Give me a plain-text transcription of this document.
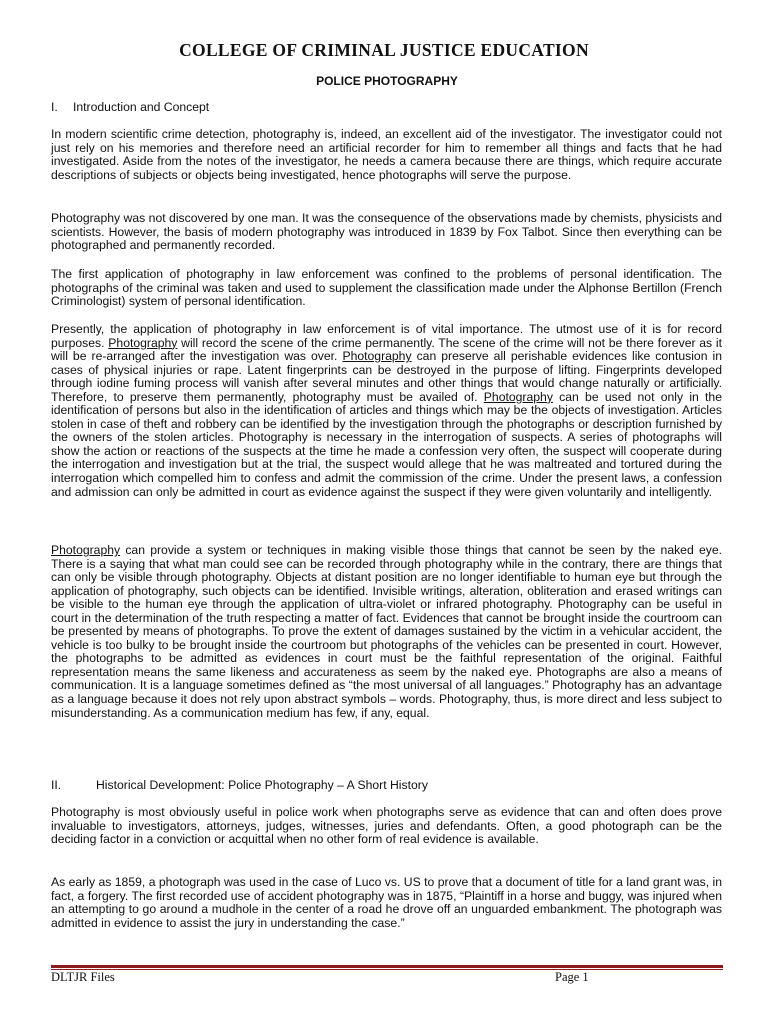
COLLEGE OF CRIMINAL JUSTICE EDUCATION
POLICE PHOTOGRAPHY
I. Introduction and Concept
In modern scientific crime detection, photography is, indeed, an excellent aid of the investigator. The investigator could not just rely on his memories and therefore need an artificial recorder for him to remember all things and facts that he had investigated. Aside from the notes of the investigator, he needs a camera because there are things, which require accurate descriptions of subjects or objects being investigated, hence photographs will serve the purpose.
Photography was not discovered by one man. It was the consequence of the observations made by chemists, physicists and scientists. However, the basis of modern photography was introduced in 1839 by Fox Talbot. Since then everything can be photographed and permanently recorded.
The first application of photography in law enforcement was confined to the problems of personal identification. The photographs of the criminal was taken and used to supplement the classification made under the Alphonse Bertillon (French Criminologist) system of personal identification.
Presently, the application of photography in law enforcement is of vital importance. The utmost use of it is for record purposes. Photography will record the scene of the crime permanently. The scene of the crime will not be there forever as it will be re-arranged after the investigation was over. Photography can preserve all perishable evidences like contusion in cases of physical injuries or rape. Latent fingerprints can be destroyed in the purpose of lifting. Fingerprints developed through iodine fuming process will vanish after several minutes and other things that would change naturally or artificially. Therefore, to preserve them permanently, photography must be availed of. Photography can be used not only in the identification of persons but also in the identification of articles and things which may be the objects of investigation. Articles stolen in case of theft and robbery can be identified by the investigation through the photographs or description furnished by the owners of the stolen articles. Photography is necessary in the interrogation of suspects. A series of photographs will show the action or reactions of the suspects at the time he made a confession very often, the suspect will cooperate during the interrogation and investigation but at the trial, the suspect would allege that he was maltreated and tortured during the interrogation which compelled him to confess and admit the commission of the crime. Under the present laws, a confession and admission can only be admitted in court as evidence against the suspect if they were given voluntarily and intelligently.
Photography can provide a system or techniques in making visible those things that cannot be seen by the naked eye. There is a saying that what man could see can be recorded through photography while in the contrary, there are things that can only be visible through photography. Objects at distant position are no longer identifiable to human eye but through the application of photography, such objects can be identified. Invisible writings, alteration, obliteration and erased writings can be visible to the human eye through the application of ultra-violet or infrared photography. Photography can be useful in court in the determination of the truth respecting a matter of fact. Evidences that cannot be brought inside the courtroom can be presented by means of photographs. To prove the extent of damages sustained by the victim in a vehicular accident, the vehicle is too bulky to be brought inside the courtroom but photographs of the vehicles can be presented in court. However, the photographs to be admitted as evidences in court must be the faithful representation of the original. Faithful representation means the same likeness and accurateness as seem by the naked eye. Photographs are also a means of communication. It is a language sometimes defined as “the most universal of all languages.” Photography has an advantage as a language because it does not rely upon abstract symbols – words. Photography, thus, is more direct and less subject to misunderstanding. As a communication medium has few, if any, equal.
II.	Historical Development: Police Photography – A Short History
Photography is most obviously useful in police work when photographs serve as evidence that can and often does prove invaluable to investigators, attorneys, judges, witnesses, juries and defendants. Often, a good photograph can be the deciding factor in a conviction or acquittal when no other form of real evidence is available.
As early as 1859, a photograph was used in the case of Luco vs. US to prove that a document of title for a land grant was, in fact, a forgery. The first recorded use of accident photography was in 1875, “Plaintiff in a horse and buggy, was injured when an attempting to go around a mudhole in the center of a road he drove off an unguarded embankment. The photograph was admitted in evidence to assist the jury in understanding the case.”
DLTJR Files	Page 1
